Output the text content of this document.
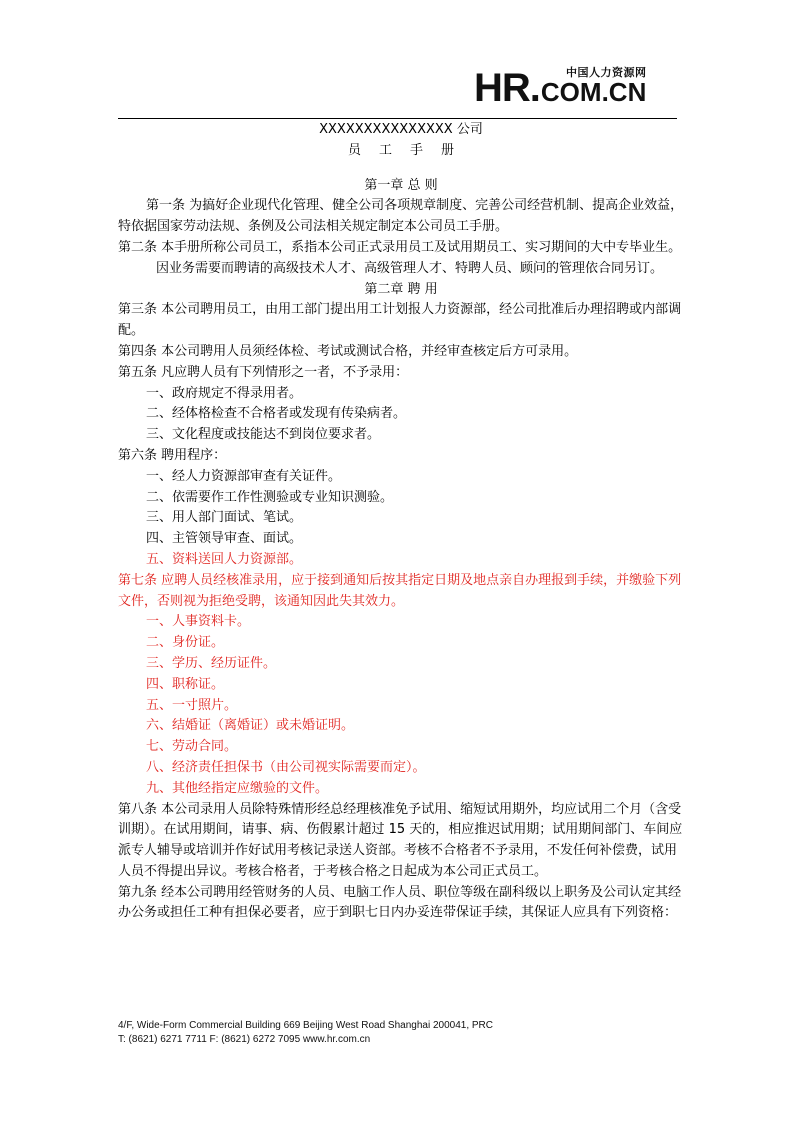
中国人力资源网
HR.COM.CN

XXXXXXXXXXXXXXX 公司

员工手册

第一章 总 则

第一条 为搞好企业现代化管理、健全公司各项规章制度、完善公司经营机制、提高企业效益，特依据国家劳动法规、条例及公司法相关规定制定本公司员工手册。

第二条 本手册所称公司员工，系指本公司正式录用员工及试用期员工、实习期间的大中专毕业生。

因业务需要而聘请的高级技术人才、高级管理人才、特聘人员、顾问的管理依合同另订。

第二章 聘 用

第三条 本公司聘用员工，由用工部门提出用工计划报人力资源部，经公司批准后办理招聘或内部调配。

第四条 本公司聘用人员须经体检、考试或测试合格，并经审查核定后方可录用。

第五条 凡应聘人员有下列情形之一者，不予录用：

一、政府规定不得录用者。

二、经体格检查不合格者或发现有传染病者。

三、文化程度或技能达不到岗位要求者。

第六条 聘用程序：

一、经人力资源部审查有关证件。

二、依需要作工作性测验或专业知识测验。

三、用人部门面试、笔试。

四、主管领导审查、面试。

五、资料送回人力资源部。

第七条 应聘人员经核准录用，应于接到通知后按其指定日期及地点亲自办理报到手续，并缴验下列文件，否则视为拒绝受聘，该通知因此失其效力。

一、人事资料卡。

二、身份证。

三、学历、经历证件。

四、职称证。

五、一寸照片。

六、结婚证（离婚证）或未婚证明。

七、劳动合同。

八、经济责任担保书（由公司视实际需要而定）。

九、其他经指定应缴验的文件。

第八条 本公司录用人员除特殊情形经总经理核准免予试用、缩短试用期外，均应试用二个月（含受训期）。在试用期间，请事、病、伤假累计超过 15 天的，相应推迟试用期；试用期间部门、车间应派专人辅导或培训并作好试用考核记录送人资部。考核不合格者不予录用，不发任何补偿费，试用人员不得提出异议。考核合格者，于考核合格之日起成为本公司正式员工。

第九条 经本公司聘用经管财务的人员、电脑工作人员、职位等级在副科级以上职务及公司认定其经办公务或担任工种有担保必要者，应于到职七日内办妥连带保证手续，其保证人应具有下列资格：

4/F, Wide-Form Commercial Building 669 Beijing West Road Shanghai 200041, PRC
T: (8621) 6271 7711 F: (8621) 6272 7095 www.hr.com.cn
